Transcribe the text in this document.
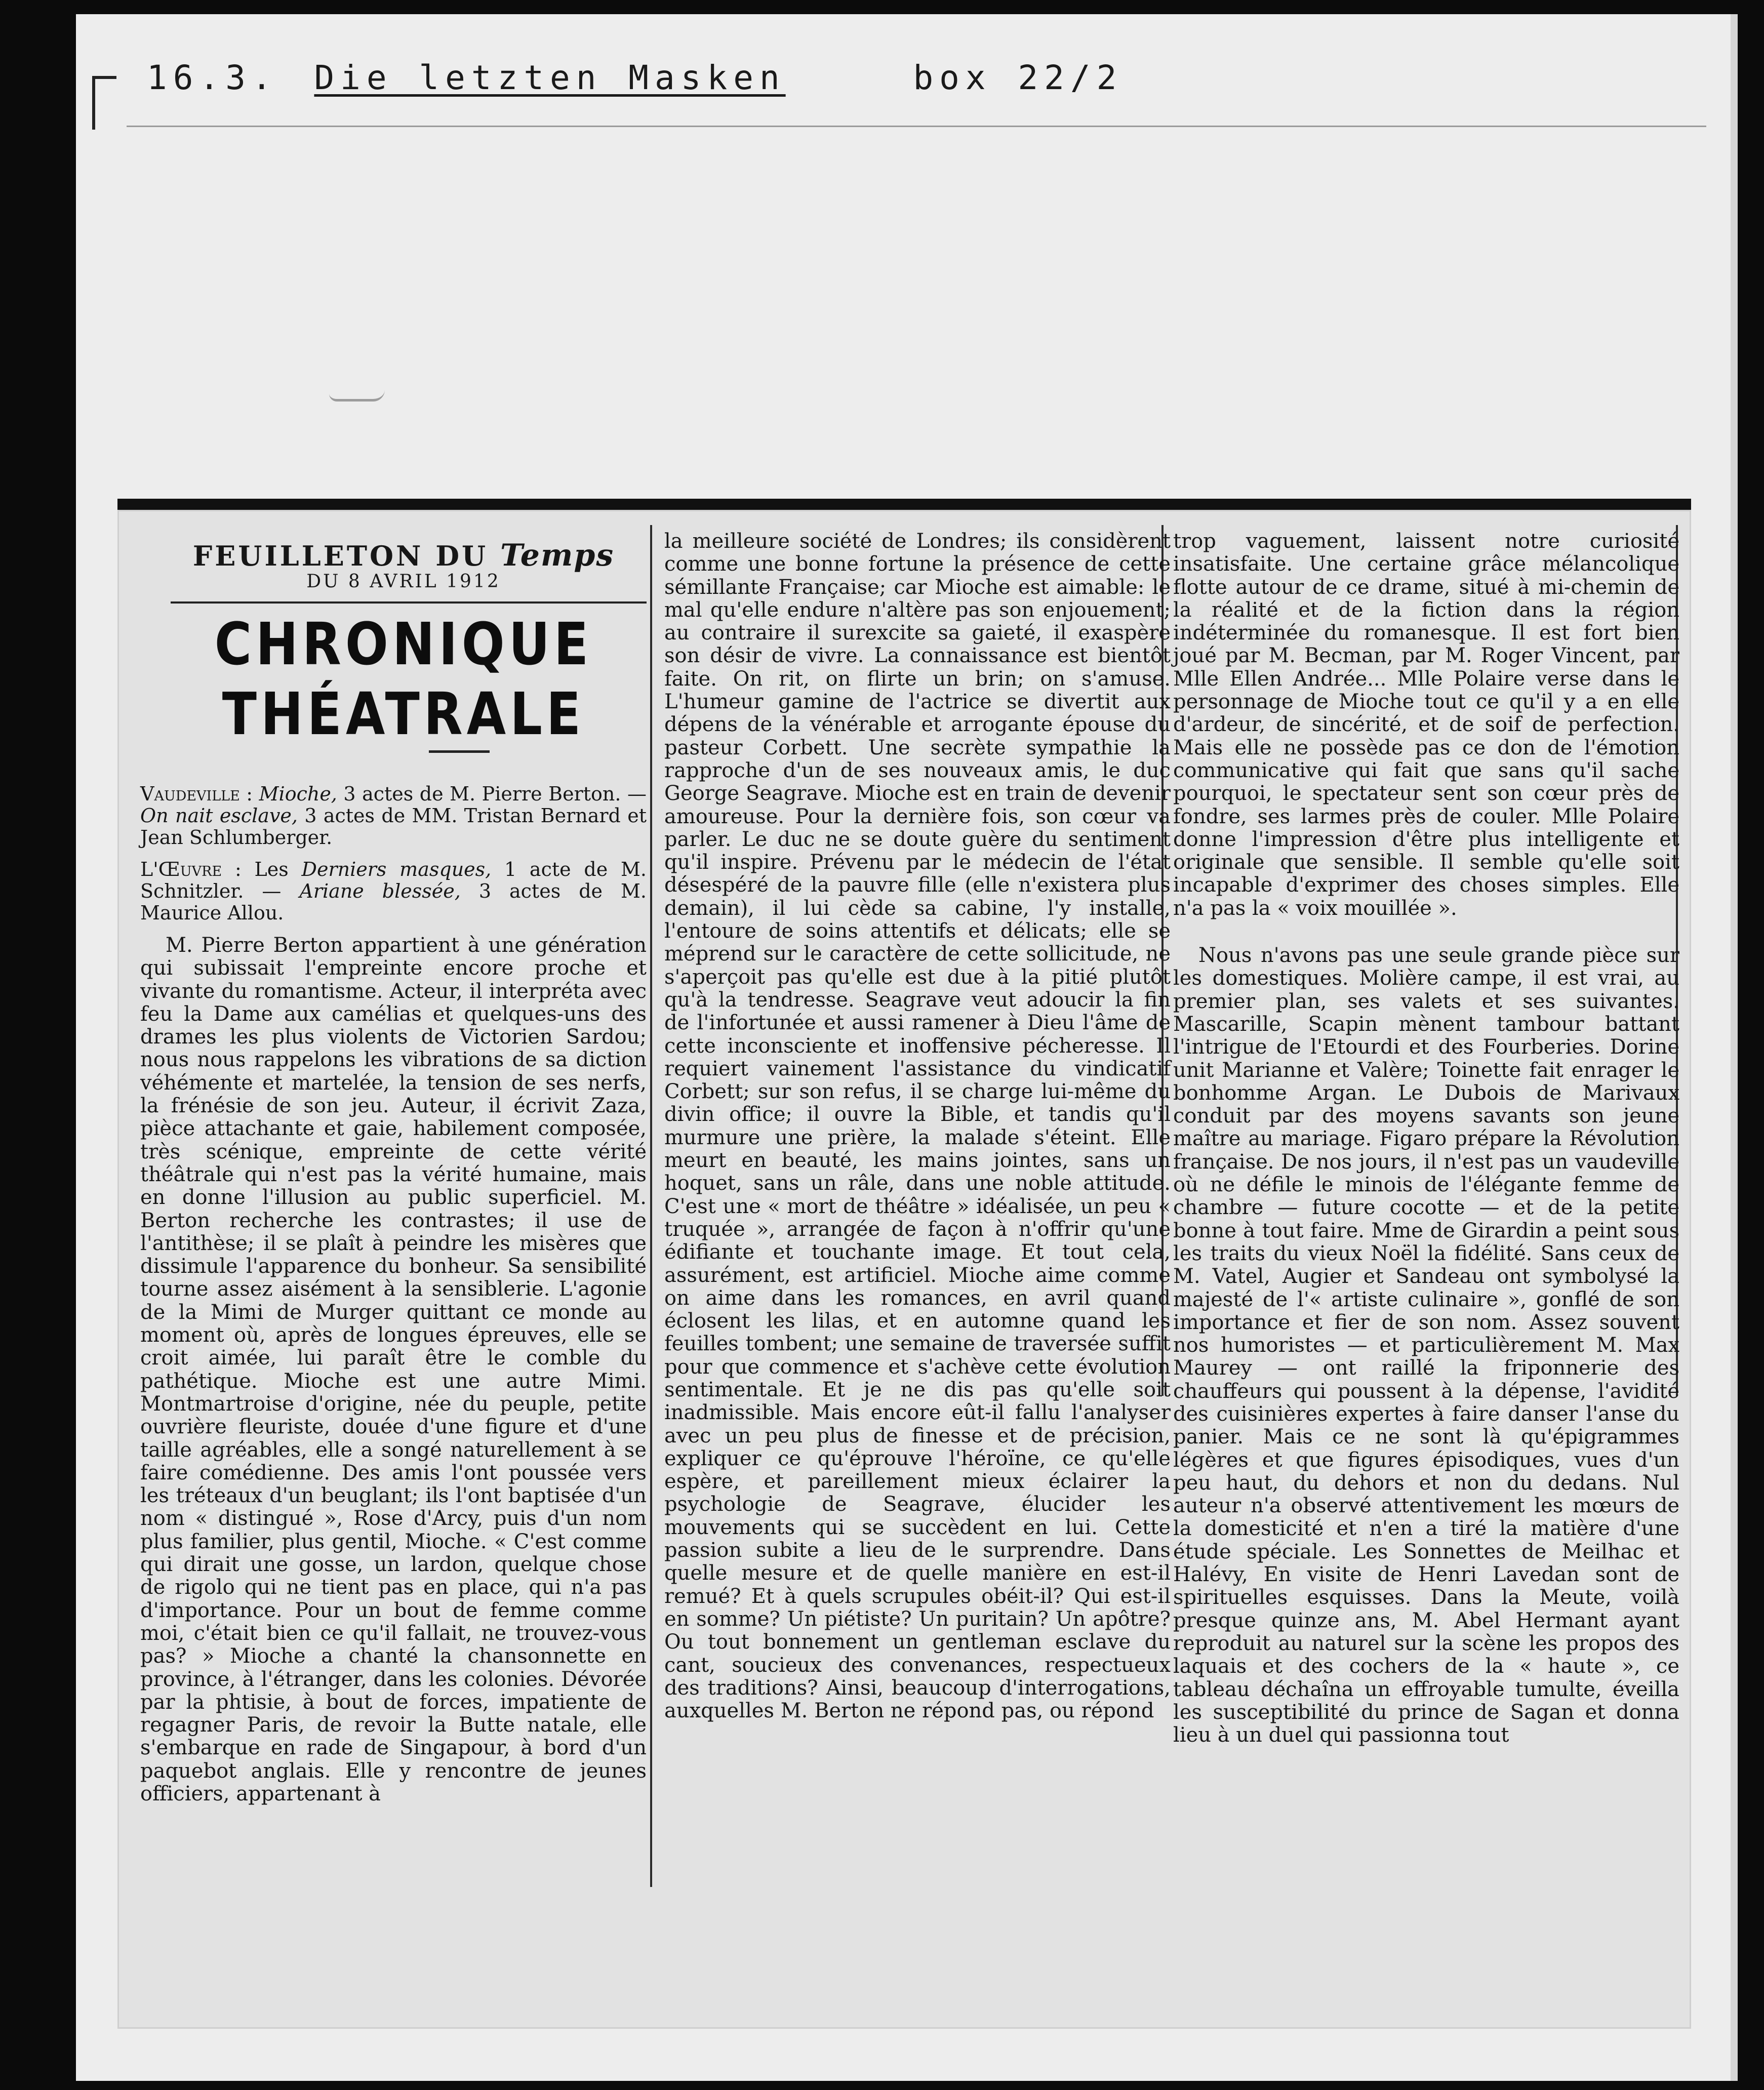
16.3. Die letzten Masken	box 22/2
FEUILLETON DU Temps
DU 8 AVRIL 1912
CHRONIQUE THÉATRALE
Vaudeville : Mioche, 3 actes de M. Pierre Berton. — On nait esclave, 3 actes de MM. Tristan Bernard et Jean Schlumberger.
L'Œuvre : Les Derniers masques, 1 acte de M. Schnitzler. — Ariane blessée, 3 actes de M. Maurice Allou.

M. Pierre Berton appartient à une génération qui subissait l'empreinte encore proche et vivante du romantisme. Acteur, il interpréta avec feu la Dame aux camélias et quelques-uns des drames les plus violents de Victorien Sardou; nous nous rappelons les vibrations de sa diction véhémente et martelée, la tension de ses nerfs, la frénésie de son jeu. Auteur, il écrivit Zaza, pièce attachante et gaie, habilement composée, très scénique, empreinte de cette vérité théâtrale qui n'est pas la vérité humaine, mais en donne l'illusion au public superficiel. M. Berton recherche les contrastes; il use de l'antithèse; il se plaît à peindre les misères que dissimule l'apparence du bonheur. Sa sensibilité tourne assez aisément à la sensiblerie. L'agonie de la Mimi de Murger quittant ce monde au moment où, après de longues épreuves, elle se croit aimée, lui paraît être le comble du pathétique. Mioche est une autre Mimi. Montmartroise d'origine, née du peuple, petite ouvrière fleuriste, douée d'une figure et d'une taille agréables, elle a songé naturellement à se faire comédienne. Des amis l'ont poussée vers les tréteaux d'un beuglant; ils l'ont baptisée d'un nom « distingué », Rose d'Arcy, puis d'un nom plus familier, plus gentil, Mioche. « C'est comme qui dirait une gosse, un lardon, quelque chose de rigolo qui ne tient pas en place, qui n'a pas d'importance. Pour un bout de femme comme moi, c'était bien ce qu'il fallait, ne trouvez-vous pas? » Mioche a chanté la chansonnette en province, à l'étranger, dans les colonies. Dévorée par la phtisie, à bout de forces, impatiente de regagner Paris, de revoir la Butte natale, elle s'embarque en rade de Singapour, à bord d'un paquebot anglais. Elle y rencontre de jeunes officiers, appartenant à

la meilleure société de Londres; ils considèrent comme une bonne fortune la présence de cette sémillante Française; car Mioche est aimable: le mal qu'elle endure n'altère pas son enjouement; au contraire il surexcite sa gaieté, il exaspère son désir de vivre. La connaissance est bientôt faite. On rit, on flirte un brin; on s'amuse. L'humeur gamine de l'actrice se divertit aux dépens de la vénérable et arrogante épouse du pasteur Corbett. Une secrète sympathie la rapproche d'un de ses nouveaux amis, le duc George Seagrave. Mioche est en train de devenir amoureuse. Pour la dernière fois, son cœur va parler. Le duc ne se doute guère du sentiment qu'il inspire. Prévenu par le médecin de l'état désespéré de la pauvre fille (elle n'existera plus demain), il lui cède sa cabine, l'y installe, l'entoure de soins attentifs et délicats; elle se méprend sur le caractère de cette sollicitude, ne s'aperçoit pas qu'elle est due à la pitié plutôt qu'à la tendresse. Seagrave veut adoucir la fin de l'infortunée et aussi ramener à Dieu l'âme de cette inconsciente et inoffensive pécheresse. Il requiert vainement l'assistance du vindicatif Corbett; sur son refus, il se charge lui-même du divin office; il ouvre la Bible, et tandis qu'il murmure une prière, la malade s'éteint. Elle meurt en beauté, les mains jointes, sans un hoquet, sans un râle, dans une noble attitude. C'est une « mort de théâtre » idéalisée, un peu « truquée », arrangée de façon à n'offrir qu'une édifiante et touchante image. Et tout cela, assurément, est artificiel. Mioche aime comme on aime dans les romances, en avril quand éclosent les lilas, et en automne quand les feuilles tombent; une semaine de traversée suffit pour que commence et s'achève cette évolution sentimentale. Et je ne dis pas qu'elle soit inadmissible. Mais encore eût-il fallu l'analyser avec un peu plus de finesse et de précision, expliquer ce qu'éprouve l'héroïne, ce qu'elle espère, et pareillement mieux éclairer la psychologie de Seagrave, élucider les mouvements qui se succèdent en lui. Cette passion subite a lieu de le surprendre. Dans quelle mesure et de quelle manière en est-il remué? Et à quels scrupules obéit-il? Qui est-il en somme? Un piétiste? Un puritain? Un apôtre? Ou tout bonnement un gentleman esclave du cant, soucieux des convenances, respectueux des traditions? Ainsi, beaucoup d'interrogations, auxquelles M. Berton ne répond pas, ou répond

trop vaguement, laissent notre curiosité insatisfaite. Une certaine grâce mélancolique flotte autour de ce drame, situé à mi-chemin de la réalité et de la fiction dans la région indéterminée du romanesque. Il est fort bien joué par M. Becman, par M. Roger Vincent, par Mlle Ellen Andrée... Mlle Polaire verse dans le personnage de Mioche tout ce qu'il y a en elle d'ardeur, de sincérité, et de soif de perfection. Mais elle ne possède pas ce don de l'émotion communicative qui fait que sans qu'il sache pourquoi, le spectateur sent son cœur près de fondre, ses larmes près de couler. Mlle Polaire donne l'impression d'être plus intelligente et originale que sensible. Il semble qu'elle soit incapable d'exprimer des choses simples. Elle n'a pas la « voix mouillée ».

Nous n'avons pas une seule grande pièce sur les domestiques. Molière campe, il est vrai, au premier plan, ses valets et ses suivantes. Mascarille, Scapin mènent tambour battant l'intrigue de l'Etourdi et des Fourberies. Dorine unit Marianne et Valère; Toinette fait enrager le bonhomme Argan. Le Dubois de Marivaux conduit par des moyens savants son jeune maître au mariage. Figaro prépare la Révolution française. De nos jours, il n'est pas un vaudeville où ne défile le minois de l'élégante femme de chambre — future cocotte — et de la petite bonne à tout faire. Mme de Girardin a peint sous les traits du vieux Noël la fidélité. Sans ceux de M. Vatel, Augier et Sandeau ont symbolysé la majesté de l'« artiste culinaire », gonflé de son importance et fier de son nom. Assez souvent nos humoristes — et particulièrement M. Max Maurey — ont raillé la friponnerie des chauffeurs qui poussent à la dépense, l'avidité des cuisinières expertes à faire danser l'anse du panier. Mais ce ne sont là qu'épigrammes légères et que figures épisodiques, vues d'un peu haut, du dehors et non du dedans. Nul auteur n'a observé attentivement les mœurs de la domesticité et n'en a tiré la matière d'une étude spéciale. Les Sonnettes de Meilhac et Halévy, En visite de Henri Lavedan sont de spirituelles esquisses. Dans la Meute, voilà presque quinze ans, M. Abel Hermant ayant reproduit au naturel sur la scène les propos des laquais et des cochers de la « haute », ce tableau déchaîna un effroyable tumulte, éveilla les susceptibilité du prince de Sagan et donna lieu à un duel qui passionna tout
